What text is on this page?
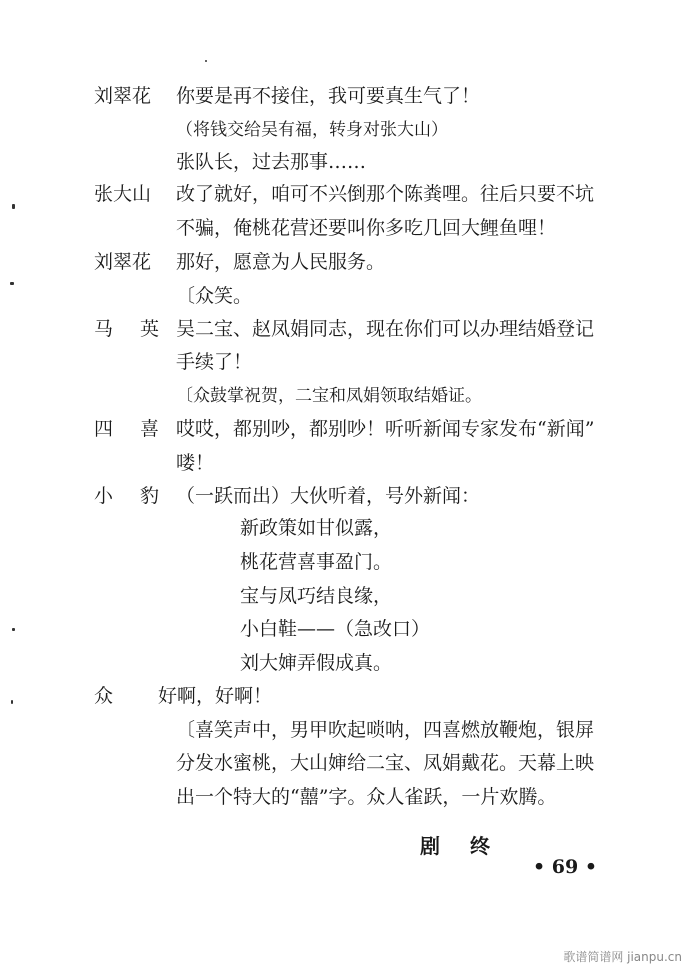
刘翠花 你要是再不接住，我可要真生气了！
（将钱交给吴有福，转身对张大山）
张队长，过去那事……
张大山 改了就好，咱可不兴倒那个陈粪哩。往后只要不坑
不骗，俺桃花营还要叫你多吃几回大鲤鱼哩！
刘翠花 那好，愿意为人民服务。
〔众笑。
马 英 吴二宝、赵凤娟同志，现在你们可以办理结婚登记
手续了！
〔众鼓掌祝贺，二宝和凤娟领取结婚证。
四 喜 哎哎，都别吵，都别吵！听听新闻专家发布“新闻”
喽！
小 豹 （一跃而出）大伙听着，号外新闻：
新政策如甘似露，
桃花营喜事盈门。
宝与凤巧结良缘，
小白鞋——（急改口）
刘大婶弄假成真。
众 好啊，好啊！
〔喜笑声中，男甲吹起唢呐，四喜燃放鞭炮，银屏
分发水蜜桃，大山婶给二宝、凤娟戴花。天幕上映
出一个特大的“囍”字。众人雀跃，一片欢腾。
剧终
• 69 •
歌谱简谱网 jianpu.cn
